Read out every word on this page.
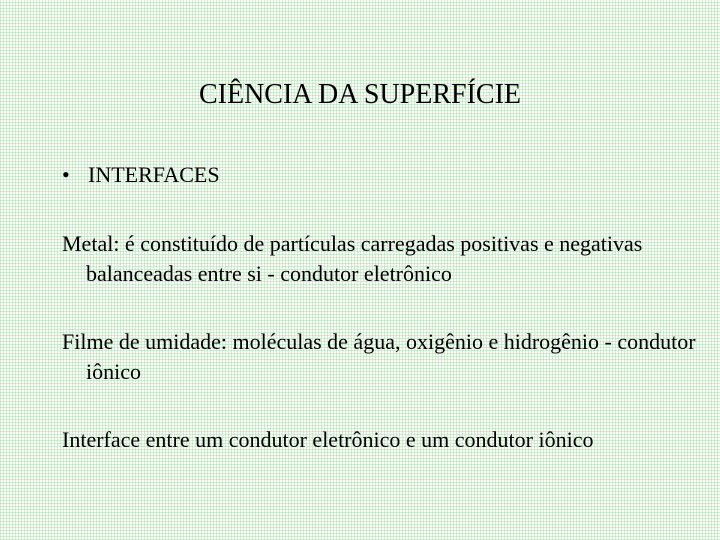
CIÊNCIA DA SUPERFÍCIE
• INTERFACES
Metal: é constituído de partículas carregadas positivas e negativas balanceadas entre si - condutor eletrônico
Filme de umidade: moléculas de água, oxigênio e hidrogênio - condutor iônico
Interface entre um condutor eletrônico e um condutor iônico
